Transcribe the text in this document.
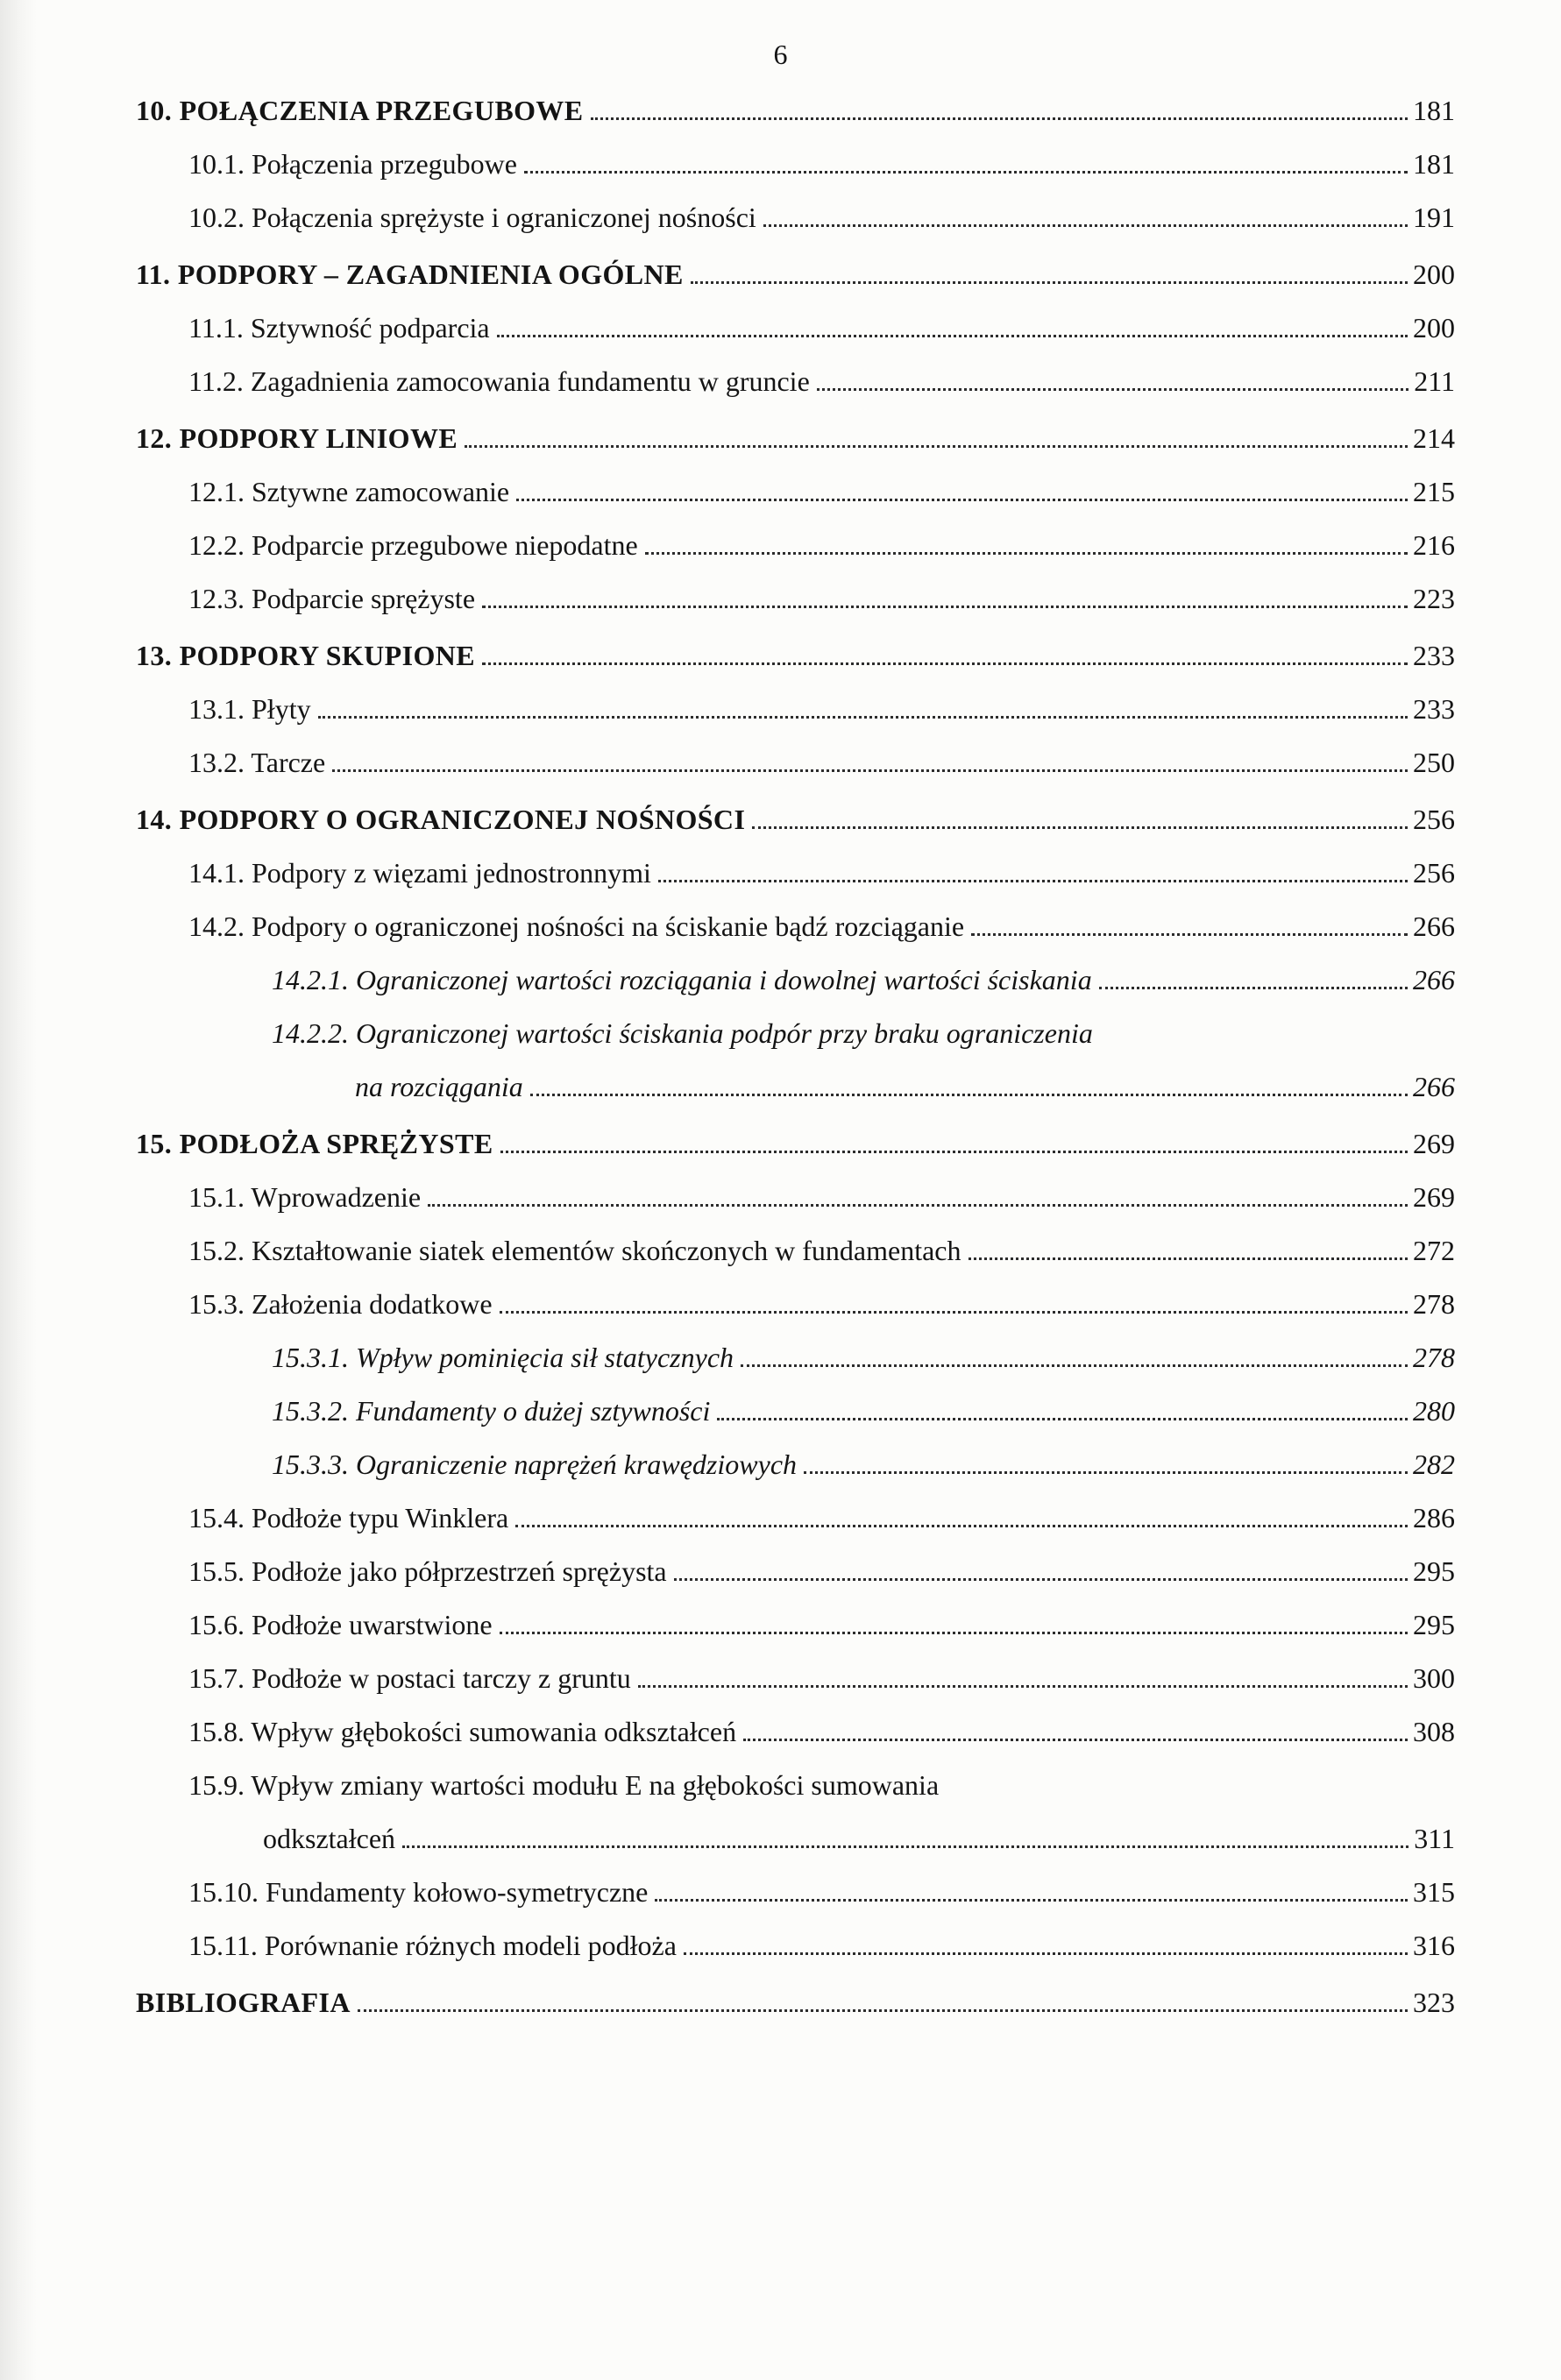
6
10. POŁĄCZENIA PRZEGUBOWE	181
10.1. Połączenia przegubowe	181
10.2. Połączenia sprężyste i ograniczonej nośności	191
11. PODPORY – ZAGADNIENIA OGÓLNE	200
11.1. Sztywność podparcia	200
11.2. Zagadnienia zamocowania fundamentu w gruncie	211
12. PODPORY LINIOWE	214
12.1. Sztywne zamocowanie	215
12.2. Podparcie przegubowe niepodatne	216
12.3. Podparcie sprężyste	223
13. PODPORY SKUPIONE	233
13.1. Płyty	233
13.2. Tarcze	250
14. PODPORY O OGRANICZONEJ NOŚNOŚCI	256
14.1. Podpory z więzami jednostronnymi	256
14.2. Podpory o ograniczonej nośności na ściskanie bądź rozciąganie	266
14.2.1. Ograniczonej wartości rozciągania i dowolnej wartości ściskania	266
14.2.2. Ograniczonej wartości ściskania podpór przy braku ograniczenia
na rozciągania	266
15. PODŁOŻA SPRĘŻYSTE	269
15.1. Wprowadzenie	269
15.2. Kształtowanie siatek elementów skończonych w fundamentach	272
15.3. Założenia dodatkowe	278
15.3.1. Wpływ pominięcia sił statycznych	278
15.3.2. Fundamenty o dużej sztywności	280
15.3.3. Ograniczenie naprężeń krawędziowych	282
15.4. Podłoże typu Winklera	286
15.5. Podłoże jako półprzestrzeń sprężysta	295
15.6. Podłoże uwarstwione	295
15.7. Podłoże w postaci tarczy z gruntu	300
15.8. Wpływ głębokości sumowania odkształceń	308
15.9. Wpływ zmiany wartości modułu E na głębokości sumowania
odkształceń	311
15.10. Fundamenty kołowo-symetryczne	315
15.11. Porównanie różnych modeli podłoża	316
BIBLIOGRAFIA	323
